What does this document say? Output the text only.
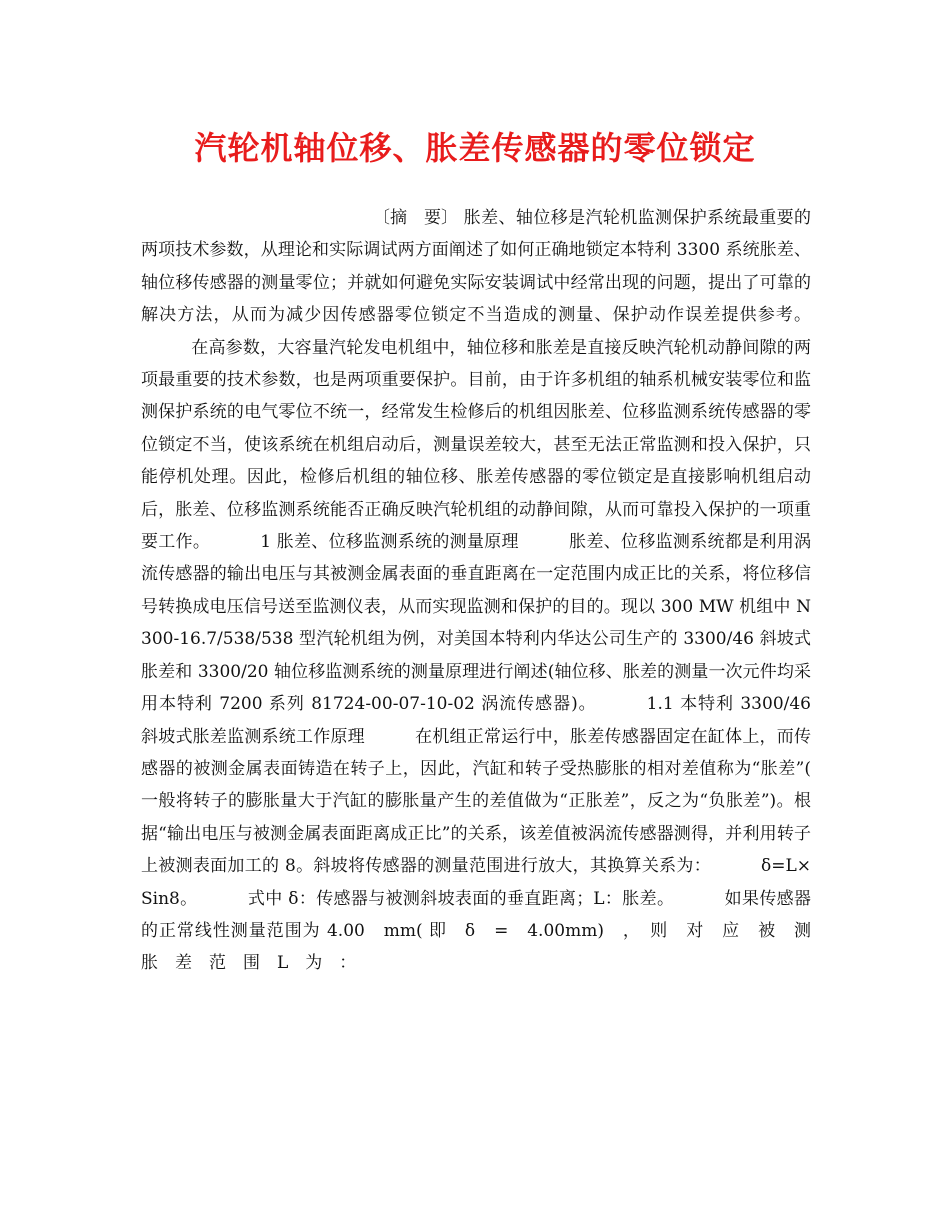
汽轮机轴位移、胀差传感器的零位锁定

〔摘　要〕 胀差、轴位移是汽轮机监测保护系统最重要的两项技术参数，从理论和实际调试两方面阐述了如何正确地锁定本特利 3300 系统胀差、轴位移传感器的测量零位；并就如何避免实际安装调试中经常出现的问题，提出了可靠的解决方法，从而为减少因传感器零位锁定不当造成的测量、保护动作误差提供参考。在高参数，大容量汽轮发电机组中，轴位移和胀差是直接反映汽轮机动静间隙的两项最重要的技术参数，也是两项重要保护。目前，由于许多机组的轴系机械安装零位和监测保护系统的电气零位不统一，经常发生检修后的机组因胀差、位移监测系统传感器的零位锁定不当，使该系统在机组启动后，测量误差较大，甚至无法正常监测和投入保护，只能停机处理。因此，检修后机组的轴位移、胀差传感器的零位锁定是直接影响机组启动后，胀差、位移监测系统能否正确反映汽轮机组的动静间隙，从而可靠投入保护的一项重要工作。	1 胀差、位移监测系统的测量原理	胀差、位移监测系统都是利用涡流传感器的输出电压与其被测金属表面的垂直距离在一定范围内成正比的关系，将位移信号转换成电压信号送至监测仪表，从而实现监测和保护的目的。现以 300 MW 机组中 N300-16.7/538/538 型汽轮机组为例，对美国本特利内华达公司生产的 3300/46 斜坡式胀差和 3300/20 轴位移监测系统的测量原理进行阐述(轴位移、胀差的测量一次元件均采用本特利 7200 系列 81724-00-07-10-02 涡流传感器)。	1.1 本特利 3300/46 斜坡式胀差监测系统工作原理	在机组正常运行中，胀差传感器固定在缸体上，而传感器的被测金属表面铸造在转子上，因此，汽缸和转子受热膨胀的相对差值称为“胀差”( 一般将转子的膨胀量大于汽缸的膨胀量产生的差值做为“正胀差”，反之为“负胀差”)。根据“输出电压与被测金属表面距离成正比”的关系，该差值被涡流传感器测得，并利用转子上被测表面加工的 8。斜坡将传感器的测量范围进行放大，其换算关系为：	δ=L×Sin8。	式中 δ：传感器与被测斜坡表面的垂直距离；L：胀差。	如果传感器的正常线性测量范围为 4.00　mm( 即　δ　=　4.00mm)　，　则　对　应　被　测　胀　差　范　围　L　为　：
